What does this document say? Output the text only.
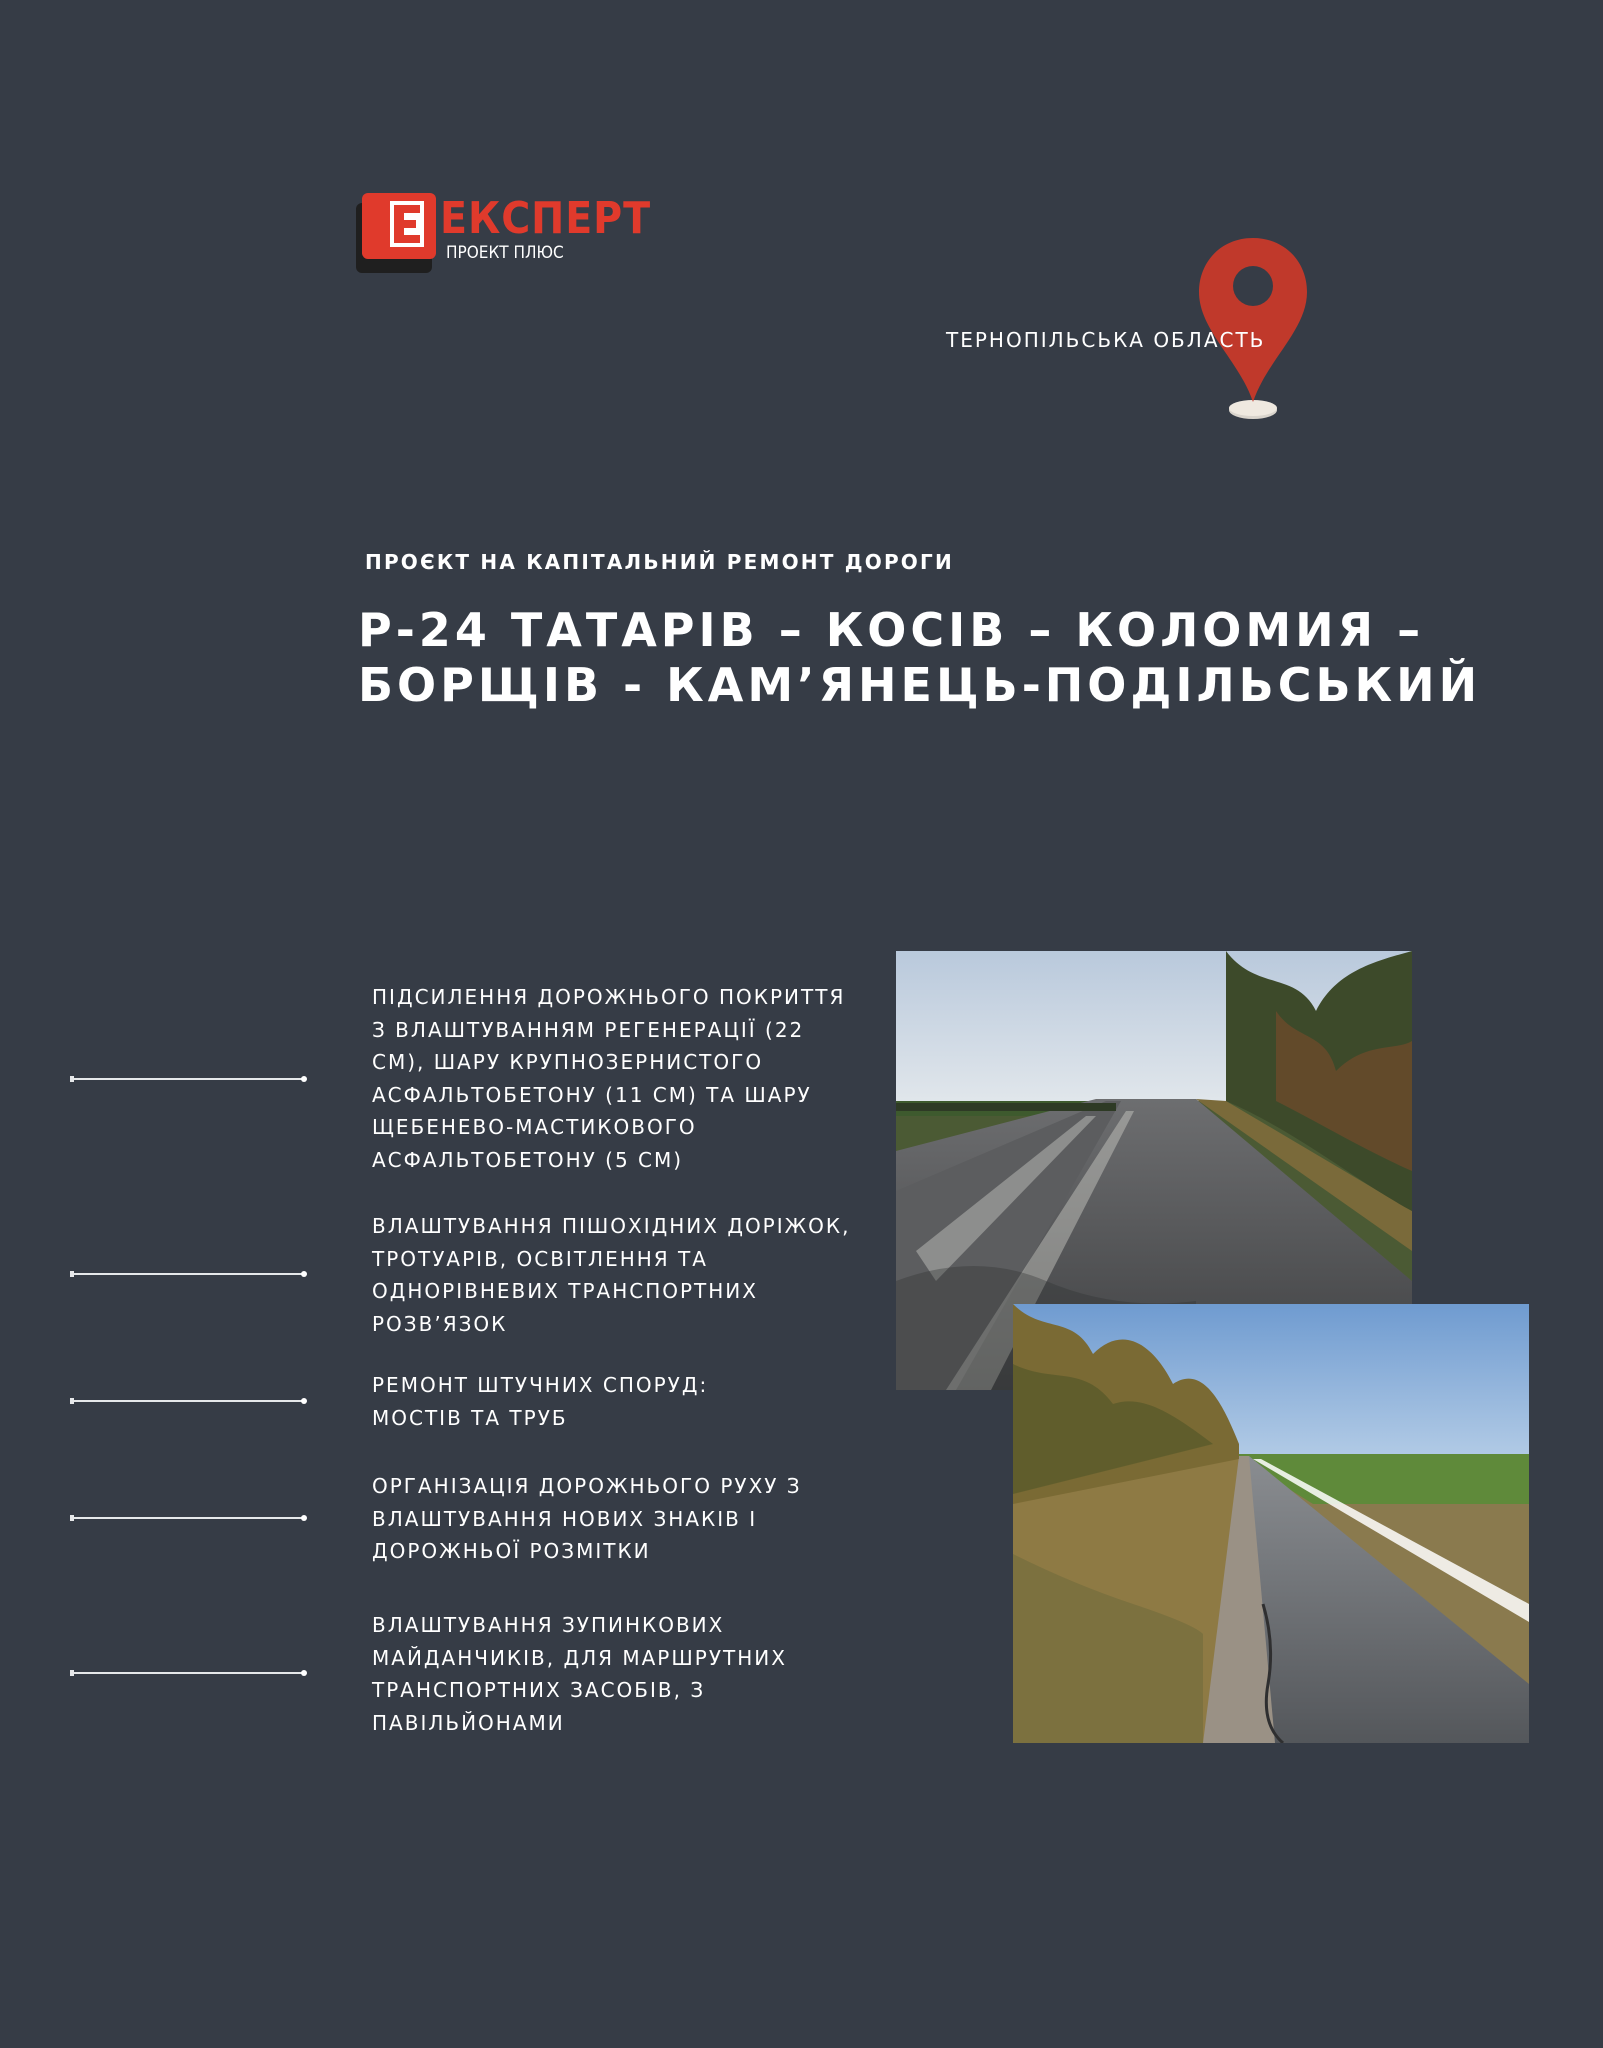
ЕКСПЕРТ
ПРОЕКТ ПЛЮС
ТЕРНОПІЛЬСЬКА ОБЛАСТЬ
ПРОЄКТ НА КАПІТАЛЬНИЙ РЕМОНТ ДОРОГИ
Р-24 ТАТАРІВ – КОСІВ – КОЛОМИЯ –
БОРЩІВ - КАМ’ЯНЕЦЬ-ПОДІЛЬСЬКИЙ
ПІДСИЛЕННЯ ДОРОЖНЬОГО ПОКРИТТЯ
З ВЛАШТУВАННЯМ РЕГЕНЕРАЦІЇ (22
СМ), ШАРУ КРУПНОЗЕРНИСТОГО
АСФАЛЬТОБЕТОНУ (11 СМ) ТА ШАРУ
ЩЕБЕНЕВО-МАСТИКОВОГО
АСФАЛЬТОБЕТОНУ (5 СМ)
ВЛАШТУВАННЯ ПІШОХІДНИХ ДОРІЖОК,
ТРОТУАРІВ, ОСВІТЛЕННЯ ТА
ОДНОРІВНЕВИХ ТРАНСПОРТНИХ
РОЗВ’ЯЗОК
РЕМОНТ ШТУЧНИХ СПОРУД:
МОСТІВ ТА ТРУБ
ОРГАНІЗАЦІЯ ДОРОЖНЬОГО РУХУ З
ВЛАШТУВАННЯ НОВИХ ЗНАКІВ І
ДОРОЖНЬОЇ РОЗМІТКИ
ВЛАШТУВАННЯ ЗУПИНКОВИХ
МАЙДАНЧИКІВ, ДЛЯ МАРШРУТНИХ
ТРАНСПОРТНИХ ЗАСОБІВ, З
ПАВІЛЬЙОНАМИ
